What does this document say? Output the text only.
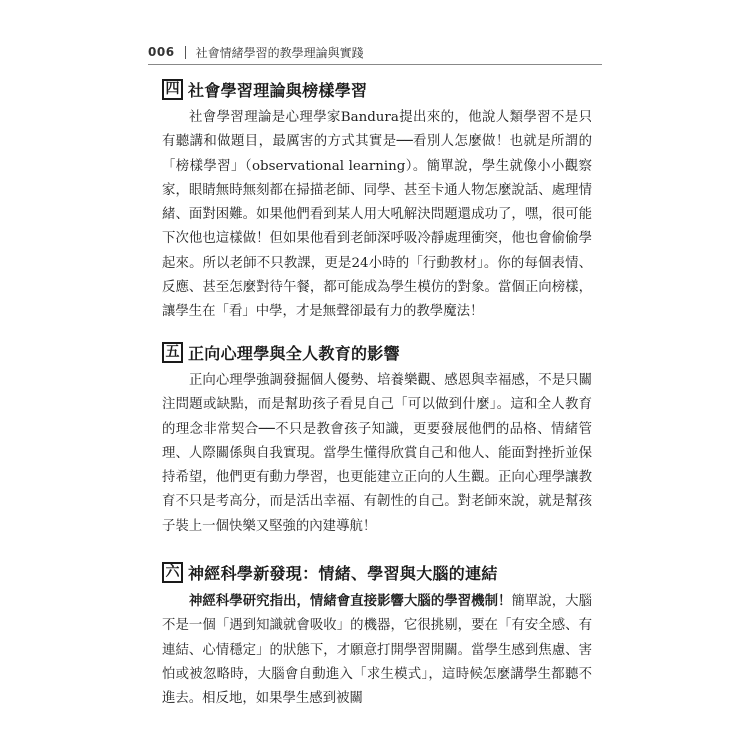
006 社會情緒學習的教學理論與實踐
四 社會學習理論與榜樣學習

社會學習理論是心理學家Bandura提出來的，他說人類學習不是只有聽講和做題目，最厲害的方式其實是──看別人怎麼做！也就是所謂的「榜樣學習」（observational learning）。簡單說，學生就像小小觀察家，眼睛無時無刻都在掃描老師、同學、甚至卡通人物怎麼說話、處理情緒、面對困難。如果他們看到某人用大吼解決問題還成功了，嘿，很可能下次他也這樣做！但如果他看到老師深呼吸冷靜處理衝突，他也會偷偷學起來。所以老師不只教課，更是24小時的「行動教材」。你的每個表情、反應、甚至怎麼對待午餐，都可能成為學生模仿的對象。當個正向榜樣，讓學生在「看」中學，才是無聲卻最有力的教學魔法！

五 正向心理學與全人教育的影響

正向心理學強調發掘個人優勢、培養樂觀、感恩與幸福感，不是只關注問題或缺點，而是幫助孩子看見自己「可以做到什麼」。這和全人教育的理念非常契合──不只是教會孩子知識，更要發展他們的品格、情緒管理、人際關係與自我實現。當學生懂得欣賞自己和他人、能面對挫折並保持希望，他們更有動力學習，也更能建立正向的人生觀。正向心理學讓教育不只是考高分，而是活出幸福、有韌性的自己。對老師來說，就是幫孩子裝上一個快樂又堅強的內建導航！

六 神經科學新發現：情緒、學習與大腦的連結

神經科學研究指出，情緒會直接影響大腦的學習機制！簡單說，大腦不是一個「遇到知識就會吸收」的機器，它很挑剔，要在「有安全感、有連結、心情穩定」的狀態下，才願意打開學習開關。當學生感到焦慮、害怕或被忽略時，大腦會自動進入「求生模式」，這時候怎麼講學生都聽不進去。相反地，如果學生感到被關
